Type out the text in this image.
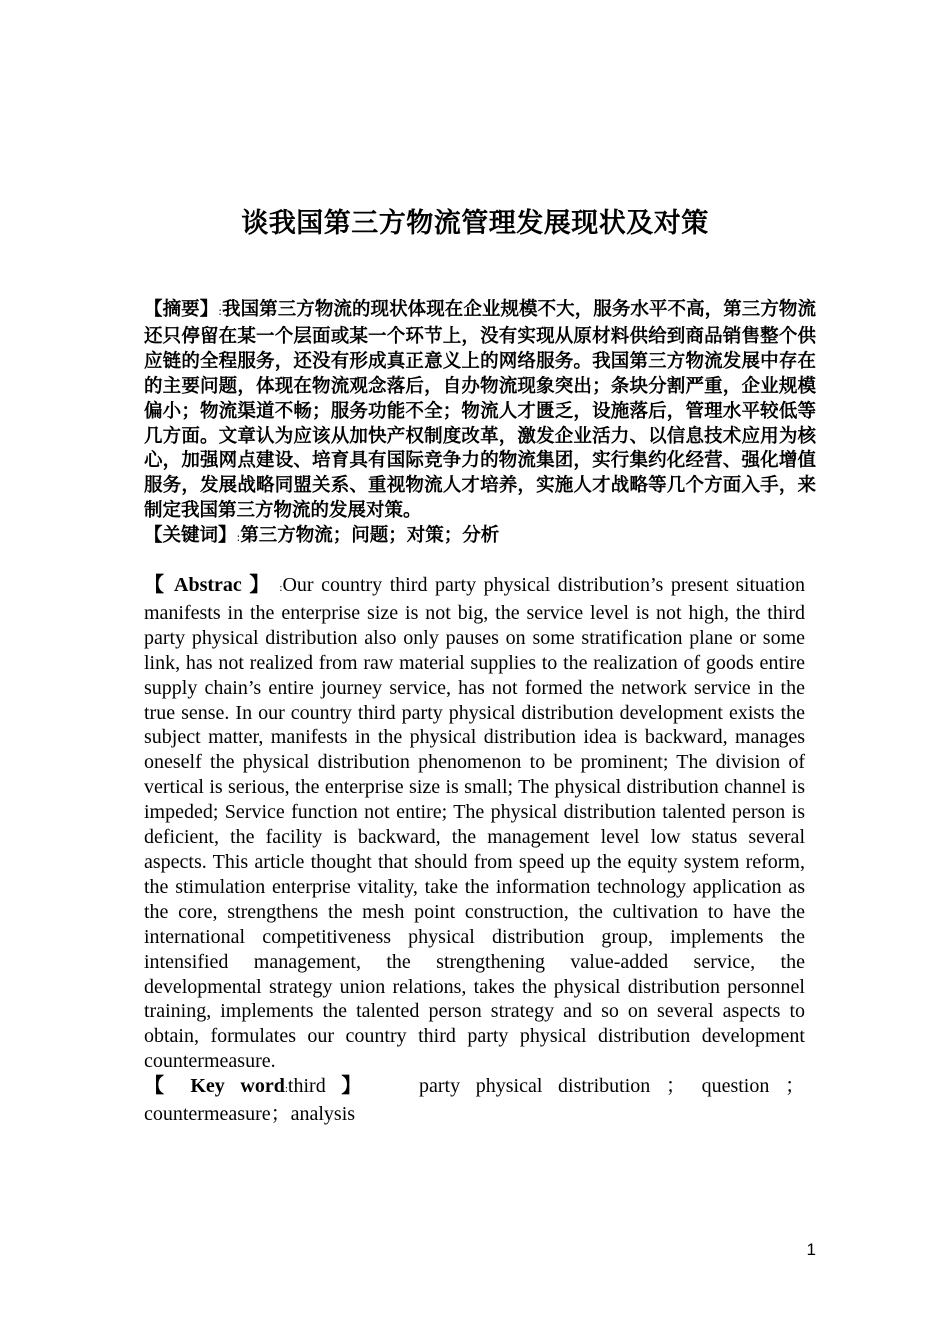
谈我国第三方物流管理发展现状及对策

【摘要】:我国第三方物流的现状体现在企业规模不大，服务水平不高，第三方物流还只停留在某一个层面或某一个环节上，没有实现从原材料供给到商品销售整个供应链的全程服务，还没有形成真正意义上的网络服务。我国第三方物流发展中存在的主要问题，体现在物流观念落后，自办物流现象突出；条块分割严重，企业规模偏小；物流渠道不畅；服务功能不全；物流人才匮乏，设施落后，管理水平较低等几方面。文章认为应该从加快产权制度改革，激发企业活力、以信息技术应用为核心，加强网点建设、培育具有国际竞争力的物流集团，实行集约化经营、强化增值服务，发展战略同盟关系、重视物流人才培养，实施人才战略等几个方面入手，来制定我国第三方物流的发展对策。

【关键词】:第三方物流；问题；对策；分析

【 Abstrac 】 :Our country third party physical distribution’s present situation manifests in the enterprise size is not big, the service level is not high, the third party physical distribution also only pauses on some stratification plane or some link, has not realized from raw material supplies to the realization of goods entire supply chain’s entire journey service, has not formed the network service in the true sense. In our country third party physical distribution development exists the subject matter, manifests in the physical distribution idea is backward, manages oneself the physical distribution phenomenon to be prominent; The division of vertical is serious, the enterprise size is small; The physical distribution channel is impeded; Service function not entire; The physical distribution talented person is deficient, the facility is backward, the management level low status several aspects. This article thought that should from speed up the equity system reform, the stimulation enterprise vitality, take the information technology application as the core, strengthens the mesh point construction, the cultivation to have the international competitiveness physical distribution group, implements the intensified management, the strengthening value-added service, the developmental strategy union relations, takes the physical distribution personnel training, implements the talented person strategy and so on several aspects to obtain, formulates our country third party physical distribution development countermeasure.

【 Key word:third 】   party physical distribution ； question ； countermeasure；analysis

1
